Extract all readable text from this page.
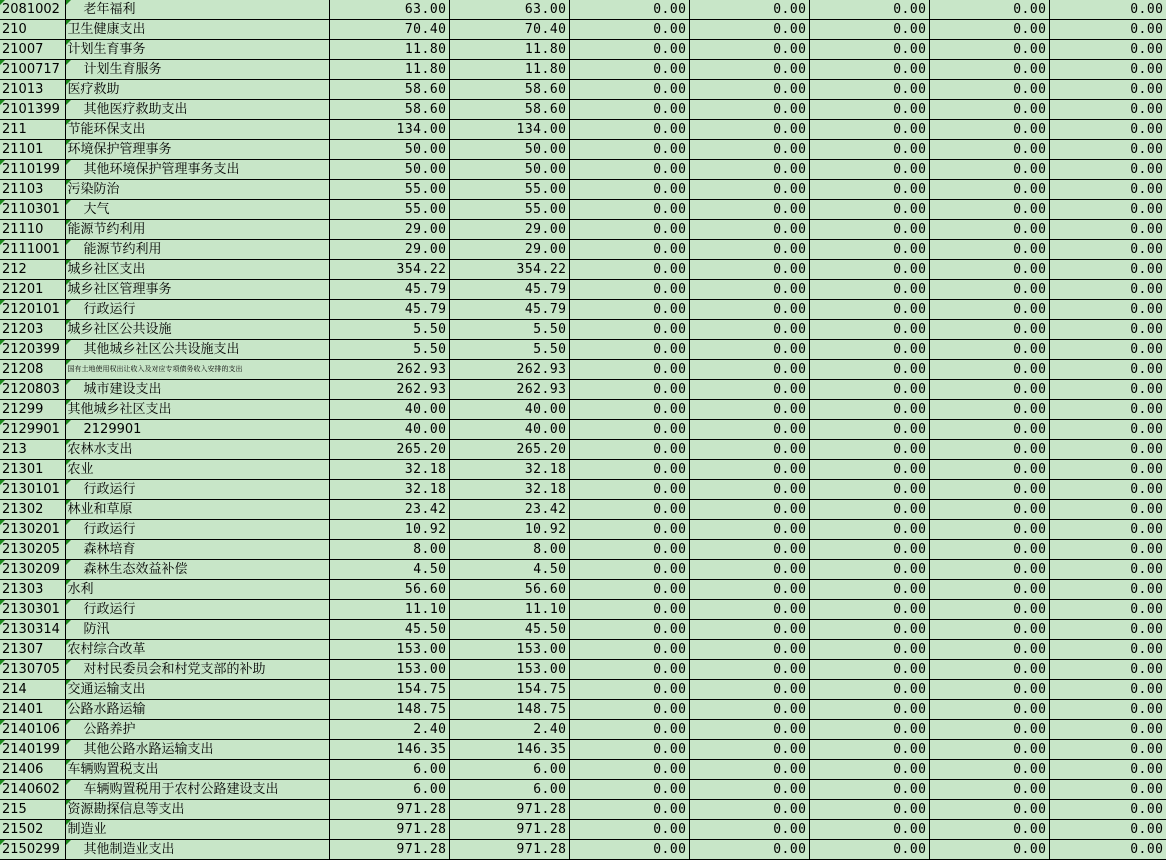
2081002	老年福利	63.00	63.00	0.00	0.00	0.00	0.00	0.00
210	卫生健康支出	70.40	70.40	0.00	0.00	0.00	0.00	0.00
21007	计划生育事务	11.80	11.80	0.00	0.00	0.00	0.00	0.00
2100717	计划生育服务	11.80	11.80	0.00	0.00	0.00	0.00	0.00
21013	医疗救助	58.60	58.60	0.00	0.00	0.00	0.00	0.00
2101399	其他医疗救助支出	58.60	58.60	0.00	0.00	0.00	0.00	0.00
211	节能环保支出	134.00	134.00	0.00	0.00	0.00	0.00	0.00
21101	环境保护管理事务	50.00	50.00	0.00	0.00	0.00	0.00	0.00
2110199	其他环境保护管理事务支出	50.00	50.00	0.00	0.00	0.00	0.00	0.00
21103	污染防治	55.00	55.00	0.00	0.00	0.00	0.00	0.00
2110301	大气	55.00	55.00	0.00	0.00	0.00	0.00	0.00
21110	能源节约利用	29.00	29.00	0.00	0.00	0.00	0.00	0.00
2111001	能源节约利用	29.00	29.00	0.00	0.00	0.00	0.00	0.00
212	城乡社区支出	354.22	354.22	0.00	0.00	0.00	0.00	0.00
21201	城乡社区管理事务	45.79	45.79	0.00	0.00	0.00	0.00	0.00
2120101	行政运行	45.79	45.79	0.00	0.00	0.00	0.00	0.00
21203	城乡社区公共设施	5.50	5.50	0.00	0.00	0.00	0.00	0.00
2120399	其他城乡社区公共设施支出	5.50	5.50	0.00	0.00	0.00	0.00	0.00
21208	国有土地使用权出让收入及对应专项债务收入安排的支出	262.93	262.93	0.00	0.00	0.00	0.00	0.00
2120803	城市建设支出	262.93	262.93	0.00	0.00	0.00	0.00	0.00
21299	其他城乡社区支出	40.00	40.00	0.00	0.00	0.00	0.00	0.00
2129901	2129901	40.00	40.00	0.00	0.00	0.00	0.00	0.00
213	农林水支出	265.20	265.20	0.00	0.00	0.00	0.00	0.00
21301	农业	32.18	32.18	0.00	0.00	0.00	0.00	0.00
2130101	行政运行	32.18	32.18	0.00	0.00	0.00	0.00	0.00
21302	林业和草原	23.42	23.42	0.00	0.00	0.00	0.00	0.00
2130201	行政运行	10.92	10.92	0.00	0.00	0.00	0.00	0.00
2130205	森林培育	8.00	8.00	0.00	0.00	0.00	0.00	0.00
2130209	森林生态效益补偿	4.50	4.50	0.00	0.00	0.00	0.00	0.00
21303	水利	56.60	56.60	0.00	0.00	0.00	0.00	0.00
2130301	行政运行	11.10	11.10	0.00	0.00	0.00	0.00	0.00
2130314	防汛	45.50	45.50	0.00	0.00	0.00	0.00	0.00
21307	农村综合改革	153.00	153.00	0.00	0.00	0.00	0.00	0.00
2130705	对村民委员会和村党支部的补助	153.00	153.00	0.00	0.00	0.00	0.00	0.00
214	交通运输支出	154.75	154.75	0.00	0.00	0.00	0.00	0.00
21401	公路水路运输	148.75	148.75	0.00	0.00	0.00	0.00	0.00
2140106	公路养护	2.40	2.40	0.00	0.00	0.00	0.00	0.00
2140199	其他公路水路运输支出	146.35	146.35	0.00	0.00	0.00	0.00	0.00
21406	车辆购置税支出	6.00	6.00	0.00	0.00	0.00	0.00	0.00
2140602	车辆购置税用于农村公路建设支出	6.00	6.00	0.00	0.00	0.00	0.00	0.00
215	资源勘探信息等支出	971.28	971.28	0.00	0.00	0.00	0.00	0.00
21502	制造业	971.28	971.28	0.00	0.00	0.00	0.00	0.00
2150299	其他制造业支出	971.28	971.28	0.00	0.00	0.00	0.00	0.00
